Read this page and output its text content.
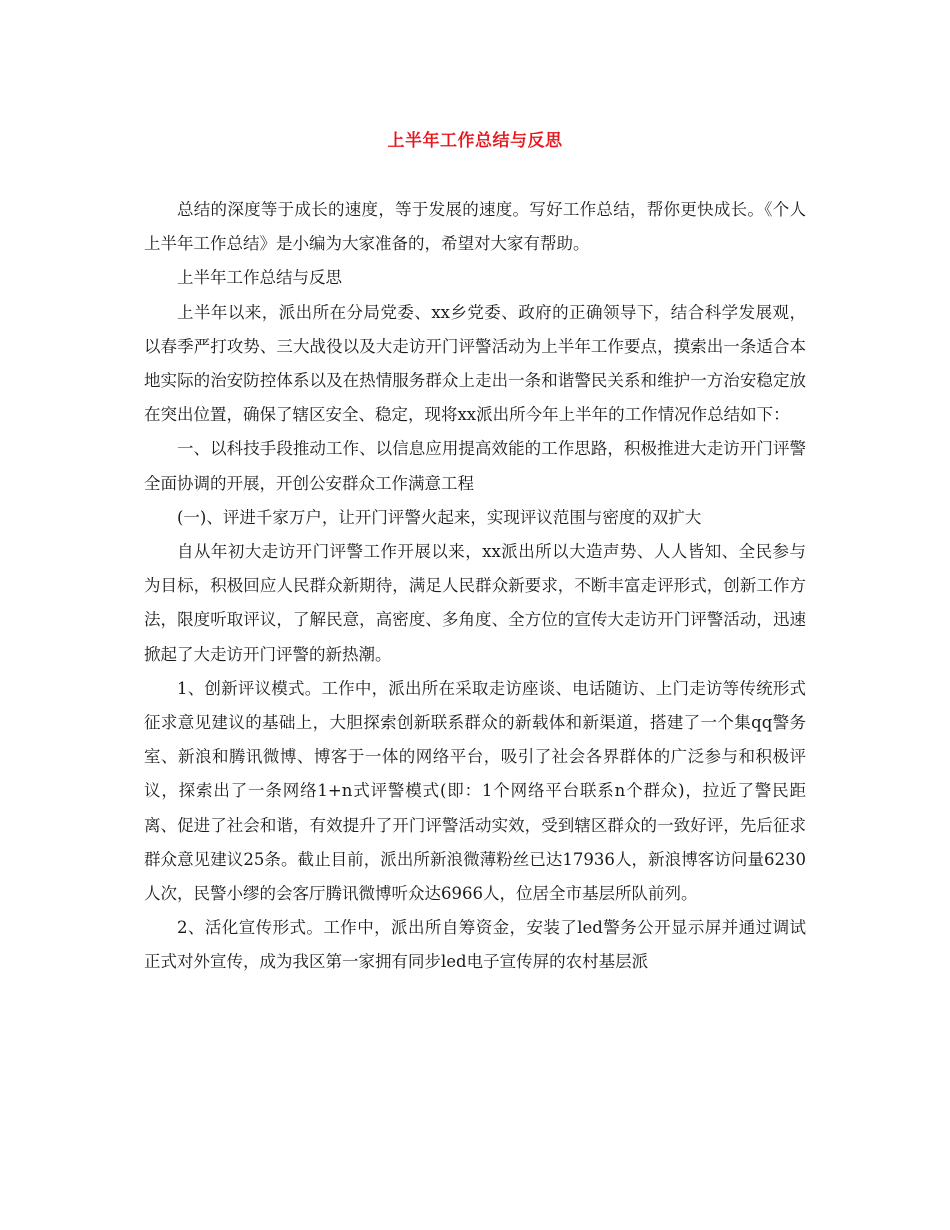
上半年工作总结与反思

总结的深度等于成长的速度，等于发展的速度。写好工作总结，帮你更快成长。《个人上半年工作总结》是小编为大家准备的，希望对大家有帮助。

上半年工作总结与反思

上半年以来，派出所在分局党委、xx乡党委、政府的正确领导下，结合科学发展观，以春季严打攻势、三大战役以及大走访开门评警活动为上半年工作要点，摸索出一条适合本地实际的治安防控体系以及在热情服务群众上走出一条和谐警民关系和维护一方治安稳定放在突出位置，确保了辖区安全、稳定，现将xx派出所今年上半年的工作情况作总结如下：

一、以科技手段推动工作、以信息应用提高效能的工作思路，积极推进大走访开门评警全面协调的开展，开创公安群众工作满意工程

(一)、评进千家万户，让开门评警火起来，实现评议范围与密度的双扩大

自从年初大走访开门评警工作开展以来，xx派出所以大造声势、人人皆知、全民参与为目标，积极回应人民群众新期待，满足人民群众新要求，不断丰富走评形式，创新工作方法，限度听取评议，了解民意，高密度、多角度、全方位的宣传大走访开门评警活动，迅速掀起了大走访开门评警的新热潮。

1、创新评议模式。工作中，派出所在采取走访座谈、电话随访、上门走访等传统形式征求意见建议的基础上，大胆探索创新联系群众的新载体和新渠道，搭建了一个集qq警务室、新浪和腾讯微博、博客于一体的网络平台，吸引了社会各界群体的广泛参与和积极评议，探索出了一条网络1+n式评警模式(即：1个网络平台联系n个群众)，拉近了警民距离、促进了社会和谐，有效提升了开门评警活动实效，受到辖区群众的一致好评，先后征求群众意见建议25条。截止目前，派出所新浪微薄粉丝已达17936人，新浪博客访问量6230人次，民警小缪的会客厅腾讯微博听众达6966人，位居全市基层所队前列。

2、活化宣传形式。工作中，派出所自筹资金，安装了led警务公开显示屏并通过调试正式对外宣传，成为我区第一家拥有同步led电子宣传屏的农村基层派
